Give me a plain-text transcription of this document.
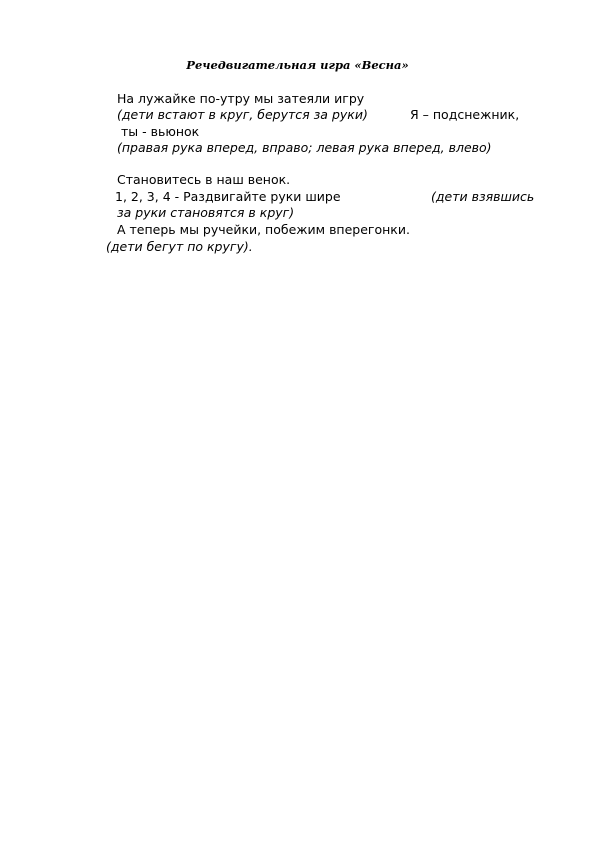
Речедвигательная игра «Весна»
На лужайке по-утру мы затеяли игру
(дети встают в круг, берутся за руки)	Я – подснежник,
ты - вьюнок
(правая рука вперед, вправо; левая рука вперед, влево)
Становитесь в наш венок.
1, 2, 3, 4 - Раздвигайте руки шире	(дети взявшись
за руки становятся в круг)
А теперь мы ручейки, побежим вперегонки.
(дети бегут по кругу).
